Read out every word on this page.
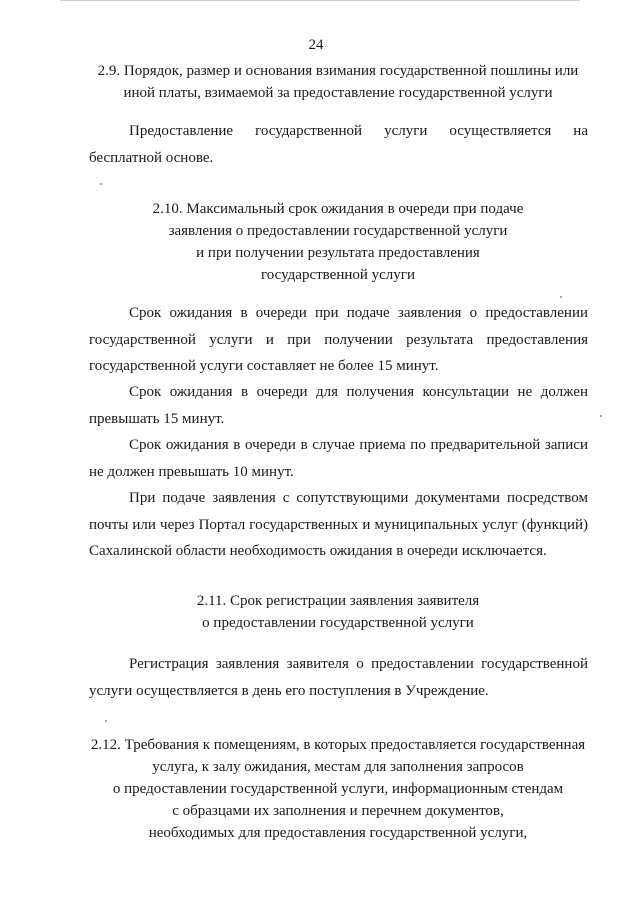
24
2.9. Порядок, размер и основания взимания государственной пошлины или
иной платы, взимаемой за предоставление государственной услуги
Предоставление государственной услуги осуществляется на
бесплатной основе.
2.10. Максимальный срок ожидания в очереди при подаче
заявления о предоставлении государственной услуги
и при получении результата предоставления
государственной услуги
Срок ожидания в очереди при подаче заявления о предоставлении
государственной услуги и при получении результата предоставления
государственной услуги составляет не более 15 минут.
Срок ожидания в очереди для получения консультации не должен
превышать 15 минут.
Срок ожидания в очереди в случае приема по предварительной записи
не должен превышать 10 минут.
При подаче заявления с сопутствующими документами посредством
почты или через Портал государственных и муниципальных услуг (функций)
Сахалинской области необходимость ожидания в очереди исключается.
2.11. Срок регистрации заявления заявителя
о предоставлении государственной услуги
Регистрация заявления заявителя о предоставлении государственной
услуги осуществляется в день его поступления в Учреждение.
2.12. Требования к помещениям, в которых предоставляется государственная
услуга, к залу ожидания, местам для заполнения запросов
о предоставлении государственной услуги, информационным стендам
с образцами их заполнения и перечнем документов,
необходимых для предоставления государственной услуги,
